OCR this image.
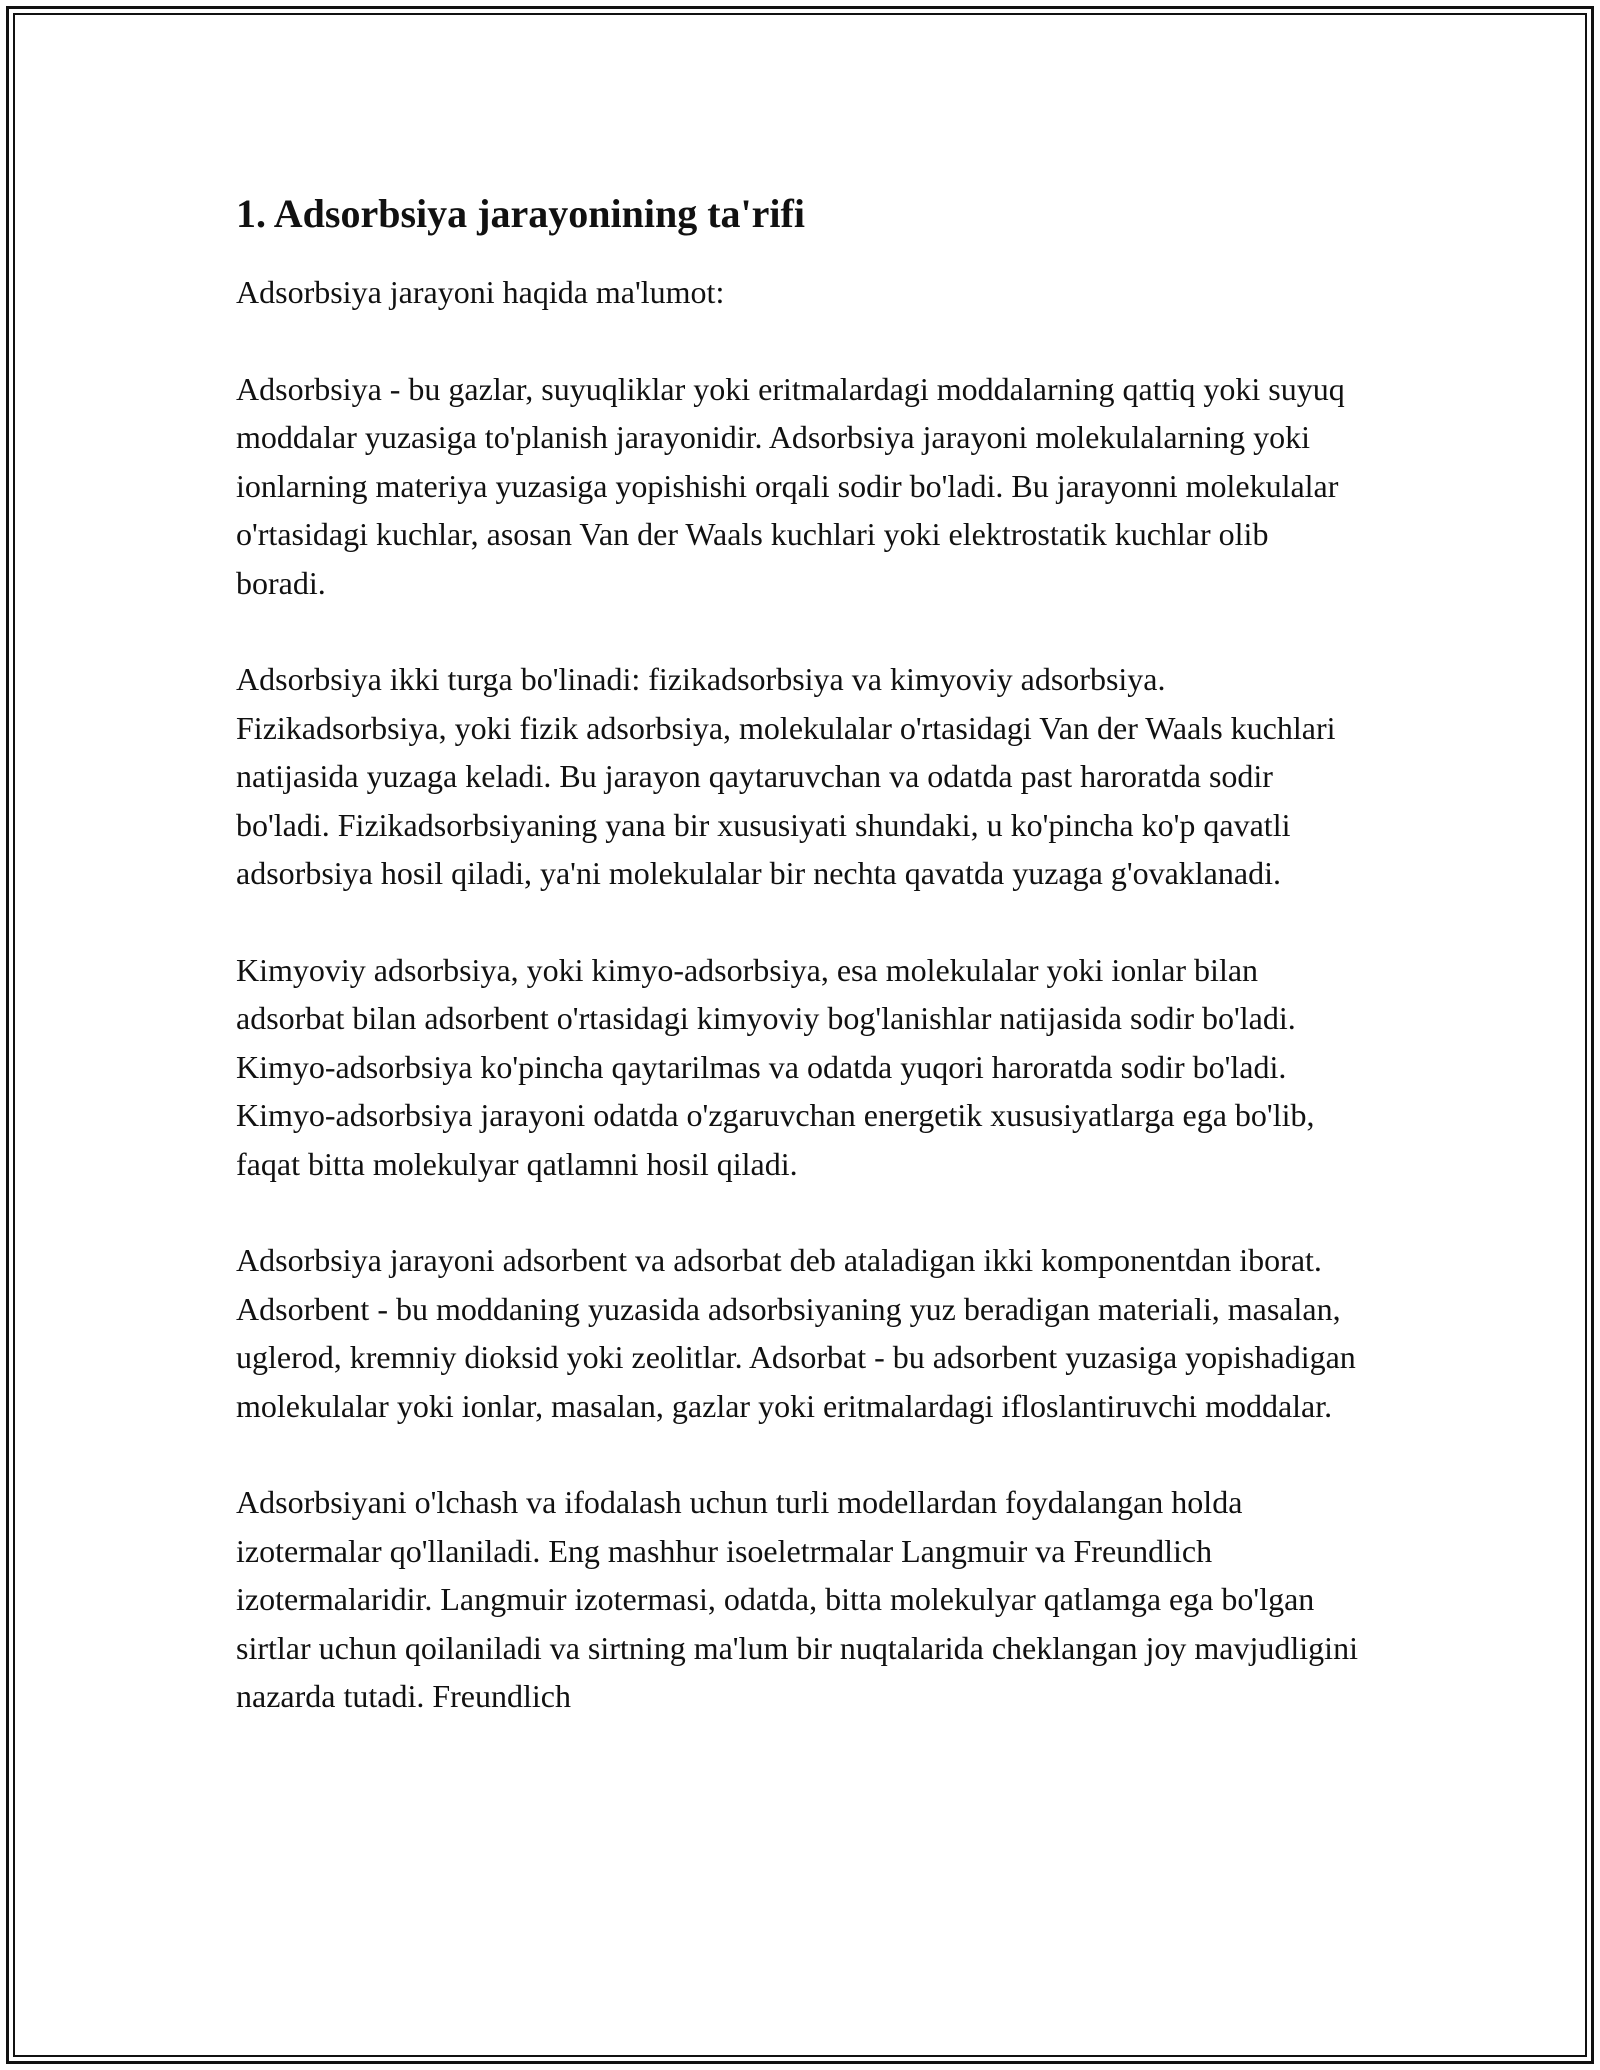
1. Adsorbsiya jarayonining ta'rifi

Adsorbsiya jarayoni haqida ma'lumot:

Adsorbsiya - bu gazlar, suyuqliklar yoki eritmalardagi moddalarning qattiq yoki suyuq moddalar yuzasiga to'planish jarayonidir. Adsorbsiya jarayoni molekulalarning yoki ionlarning materiya yuzasiga yopishishi orqali sodir bo'ladi. Bu jarayonni molekulalar o'rtasidagi kuchlar, asosan Van der Waals kuchlari yoki elektrostatik kuchlar olib boradi.

Adsorbsiya ikki turga bo'linadi: fizikadsorbsiya va kimyoviy adsorbsiya. Fizikadsorbsiya, yoki fizik adsorbsiya, molekulalar o'rtasidagi Van der Waals kuchlari natijasida yuzaga keladi. Bu jarayon qaytaruvchan va odatda past haroratda sodir bo'ladi. Fizikadsorbsiyaning yana bir xususiyati shundaki, u ko'pincha ko'p qavatli adsorbsiya hosil qiladi, ya'ni molekulalar bir nechta qavatda yuzaga g'ovaklanadi.

Kimyoviy adsorbsiya, yoki kimyo-adsorbsiya, esa molekulalar yoki ionlar bilan adsorbat bilan adsorbent o'rtasidagi kimyoviy bog'lanishlar natijasida sodir bo'ladi. Kimyo-adsorbsiya ko'pincha qaytarilmas va odatda yuqori haroratda sodir bo'ladi. Kimyo-adsorbsiya jarayoni odatda o'zgaruvchan energetik xususiyatlarga ega bo'lib, faqat bitta molekulyar qatlamni hosil qiladi.

Adsorbsiya jarayoni adsorbent va adsorbat deb ataladigan ikki komponentdan iborat. Adsorbent - bu moddaning yuzasida adsorbsiyaning yuz beradigan materiali, masalan, uglerod, kremniy dioksid yoki zeolitlar. Adsorbat - bu adsorbent yuzasiga yopishadigan molekulalar yoki ionlar, masalan, gazlar yoki eritmalardagi ifloslantiruvchi moddalar.

Adsorbsiyani o'lchash va ifodalash uchun turli modellardan foydalangan holda izotermalar qo'llaniladi. Eng mashhur isoeletrmalar Langmuir va Freundlich izotermalaridir. Langmuir izotermasi, odatda, bitta molekulyar qatlamga ega bo'lgan sirtlar uchun qoilaniladi va sirtning ma'lum bir nuqtalarida cheklangan joy mavjudligini nazarda tutadi. Freundlich
